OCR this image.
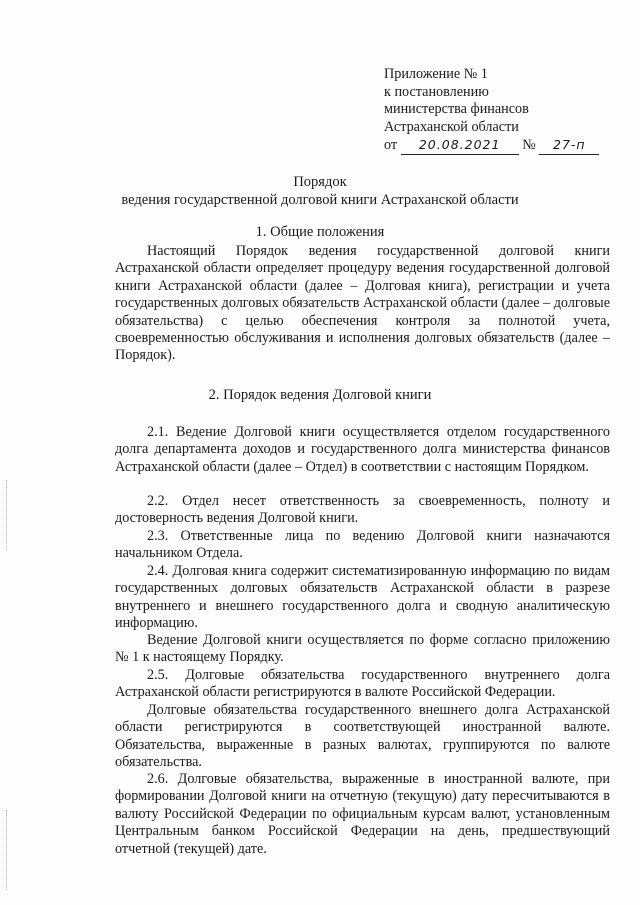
Приложение № 1
к постановлению
министерства финансов
Астраханской области
от 20.08.2021 № 27-п
Порядок
ведения государственной долговой книги Астраханской области
1. Общие положения

Настоящий Порядок ведения государственной долговой книги Астраханской области определяет процедуру ведения государственной долговой книги Астраханской области (далее – Долговая книга), регистрации и учета государственных долговых обязательств Астраханской области (далее – долговые обязательства) с целью обеспечения контроля за полнотой учета, своевременностью обслуживания и исполнения долговых обязательств (далее – Порядок).

2. Порядок ведения Долговой книги

2.1. Ведение Долговой книги осуществляется отделом государственного долга департамента доходов и государственного долга министерства финансов Астраханской области (далее – Отдел) в соответствии с настоящим Порядком.

2.2. Отдел несет ответственность за своевременность, полноту и достоверность ведения Долговой книги.

2.3. Ответственные лица по ведению Долговой книги назначаются начальником Отдела.

2.4. Долговая книга содержит систематизированную информацию по видам государственных долговых обязательств Астраханской области в разрезе внутреннего и внешнего государственного долга и сводную аналитическую информацию.

Ведение Долговой книги осуществляется по форме согласно приложению № 1 к настоящему Порядку.

2.5. Долговые обязательства государственного внутреннего долга Астраханской области регистрируются в валюте Российской Федерации.

Долговые обязательства государственного внешнего долга Астраханской области регистрируются в соответствующей иностранной валюте. Обязательства, выраженные в разных валютах, группируются по валюте обязательства.

2.6. Долговые обязательства, выраженные в иностранной валюте, при формировании Долговой книги на отчетную (текущую) дату пересчитываются в валюту Российской Федерации по официальным курсам валют, установленным Центральным банком Российской Федерации на день, предшествующий отчетной (текущей) дате.
